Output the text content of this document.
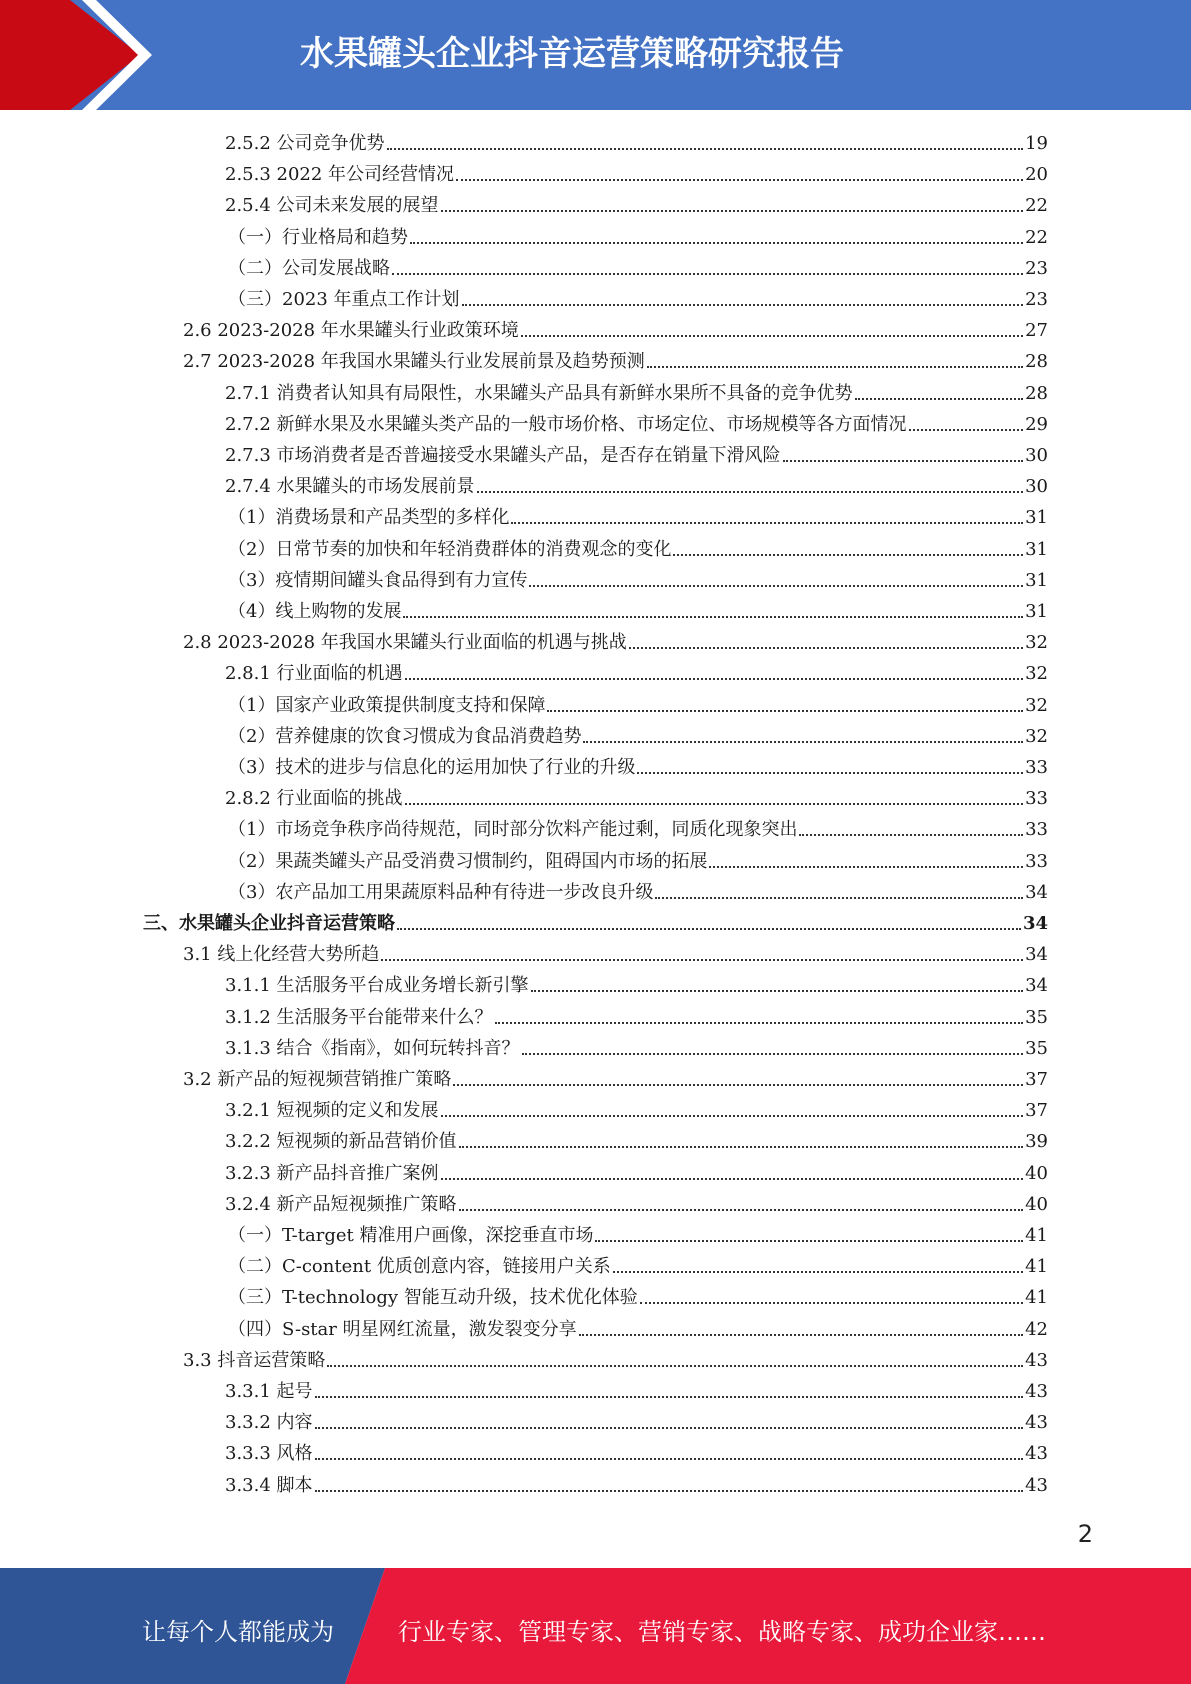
水果罐头企业抖音运营策略研究报告
2.5.2 公司竞争优势	19
2.5.3 2022 年公司经营情况	20
2.5.4 公司未来发展的展望	22
（一）行业格局和趋势	22
（二）公司发展战略	23
（三）2023 年重点工作计划	23
2.6 2023-2028 年水果罐头行业政策环境	27
2.7 2023-2028 年我国水果罐头行业发展前景及趋势预测	28
2.7.1 消费者认知具有局限性，水果罐头产品具有新鲜水果所不具备的竞争优势	28
2.7.2 新鲜水果及水果罐头类产品的一般市场价格、市场定位、市场规模等各方面情况	29
2.7.3 市场消费者是否普遍接受水果罐头产品，是否存在销量下滑风险	30
2.7.4 水果罐头的市场发展前景	30
（1）消费场景和产品类型的多样化	31
（2）日常节奏的加快和年轻消费群体的消费观念的变化	31
（3）疫情期间罐头食品得到有力宣传	31
（4）线上购物的发展	31
2.8 2023-2028 年我国水果罐头行业面临的机遇与挑战	32
2.8.1 行业面临的机遇	32
（1）国家产业政策提供制度支持和保障	32
（2）营养健康的饮食习惯成为食品消费趋势	32
（3）技术的进步与信息化的运用加快了行业的升级	33
2.8.2 行业面临的挑战	33
（1）市场竞争秩序尚待规范，同时部分饮料产能过剩，同质化现象突出	33
（2）果蔬类罐头产品受消费习惯制约，阻碍国内市场的拓展	33
（3）农产品加工用果蔬原料品种有待进一步改良升级	34
三、水果罐头企业抖音运营策略	34
3.1 线上化经营大势所趋	34
3.1.1 生活服务平台成业务增长新引擎	34
3.1.2 生活服务平台能带来什么？	35
3.1.3 结合《指南》，如何玩转抖音？	35
3.2 新产品的短视频营销推广策略	37
3.2.1 短视频的定义和发展	37
3.2.2 短视频的新品营销价值	39
3.2.3 新产品抖音推广案例	40
3.2.4 新产品短视频推广策略	40
（一）T-target 精准用户画像，深挖垂直市场	41
（二）C-content 优质创意内容，链接用户关系	41
（三）T-technology 智能互动升级，技术优化体验	41
（四）S-star 明星网红流量，激发裂变分享	42
3.3 抖音运营策略	43
3.3.1 起号	43
3.3.2 内容	43
3.3.3 风格	43
3.3.4 脚本	43
2
让每个人都能成为	行业专家、管理专家、营销专家、战略专家、成功企业家……
